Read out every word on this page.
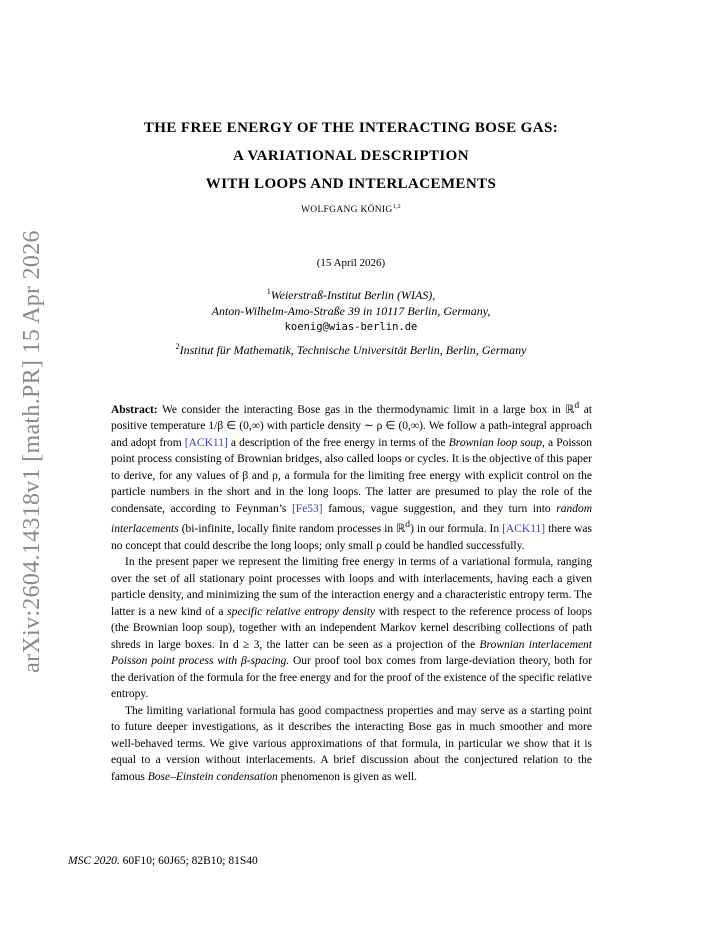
arXiv:2604.14318v1 [math.PR] 15 Apr 2026
THE FREE ENERGY OF THE INTERACTING BOSE GAS:
A VARIATIONAL DESCRIPTION
WITH LOOPS AND INTERLACEMENTS
WOLFGANG KÖNIG$^{1,2}$
(15 April 2026)
$^1$Weierstraß-Institut Berlin (WIAS),
Anton-Wilhelm-Amo-Straße 39 in 10117 Berlin, Germany,
koenig@wias-berlin.de
$^2$Institut für Mathematik, Technische Universität Berlin, Berlin, Germany

Abstract: We consider the interacting Bose gas in the thermodynamic limit in a large box in ℝ$^d$ at positive temperature 1/β ∈ (0,∞) with particle density ∼ ρ ∈ (0,∞). We follow a path-integral approach and adopt from [ACK11] a description of the free energy in terms of the Brownian loop soup, a Poisson point process consisting of Brownian bridges, also called loops or cycles. It is the objective of this paper to derive, for any values of β and ρ, a formula for the limiting free energy with explicit control on the particle numbers in the short and in the long loops. The latter are presumed to play the role of the condensate, according to Feynman’s [Fe53] famous, vague suggestion, and they turn into random interlacements (bi-infinite, locally finite random processes in ℝ$^d$) in our formula. In [ACK11] there was no concept that could describe the long loops; only small ρ could be handled successfully.

In the present paper we represent the limiting free energy in terms of a variational formula, ranging over the set of all stationary point processes with loops and with interlacements, having each a given particle density, and minimizing the sum of the interaction energy and a characteristic entropy term. The latter is a new kind of a specific relative entropy density with respect to the reference process of loops (the Brownian loop soup), together with an independent Markov kernel describing collections of path shreds in large boxes. In d ≥ 3, the latter can be seen as a projection of the Brownian interlacement Poisson point process with β-spacing. Our proof tool box comes from large-deviation theory, both for the derivation of the formula for the free energy and for the proof of the existence of the specific relative entropy.

The limiting variational formula has good compactness properties and may serve as a starting point to future deeper investigations, as it describes the interacting Bose gas in much smoother and more well-behaved terms. We give various approximations of that formula, in particular we show that it is equal to a version without interlacements. A brief discussion about the conjectured relation to the famous Bose–Einstein condensation phenomenon is given as well.

MSC 2020. 60F10; 60J65; 82B10; 81S40
